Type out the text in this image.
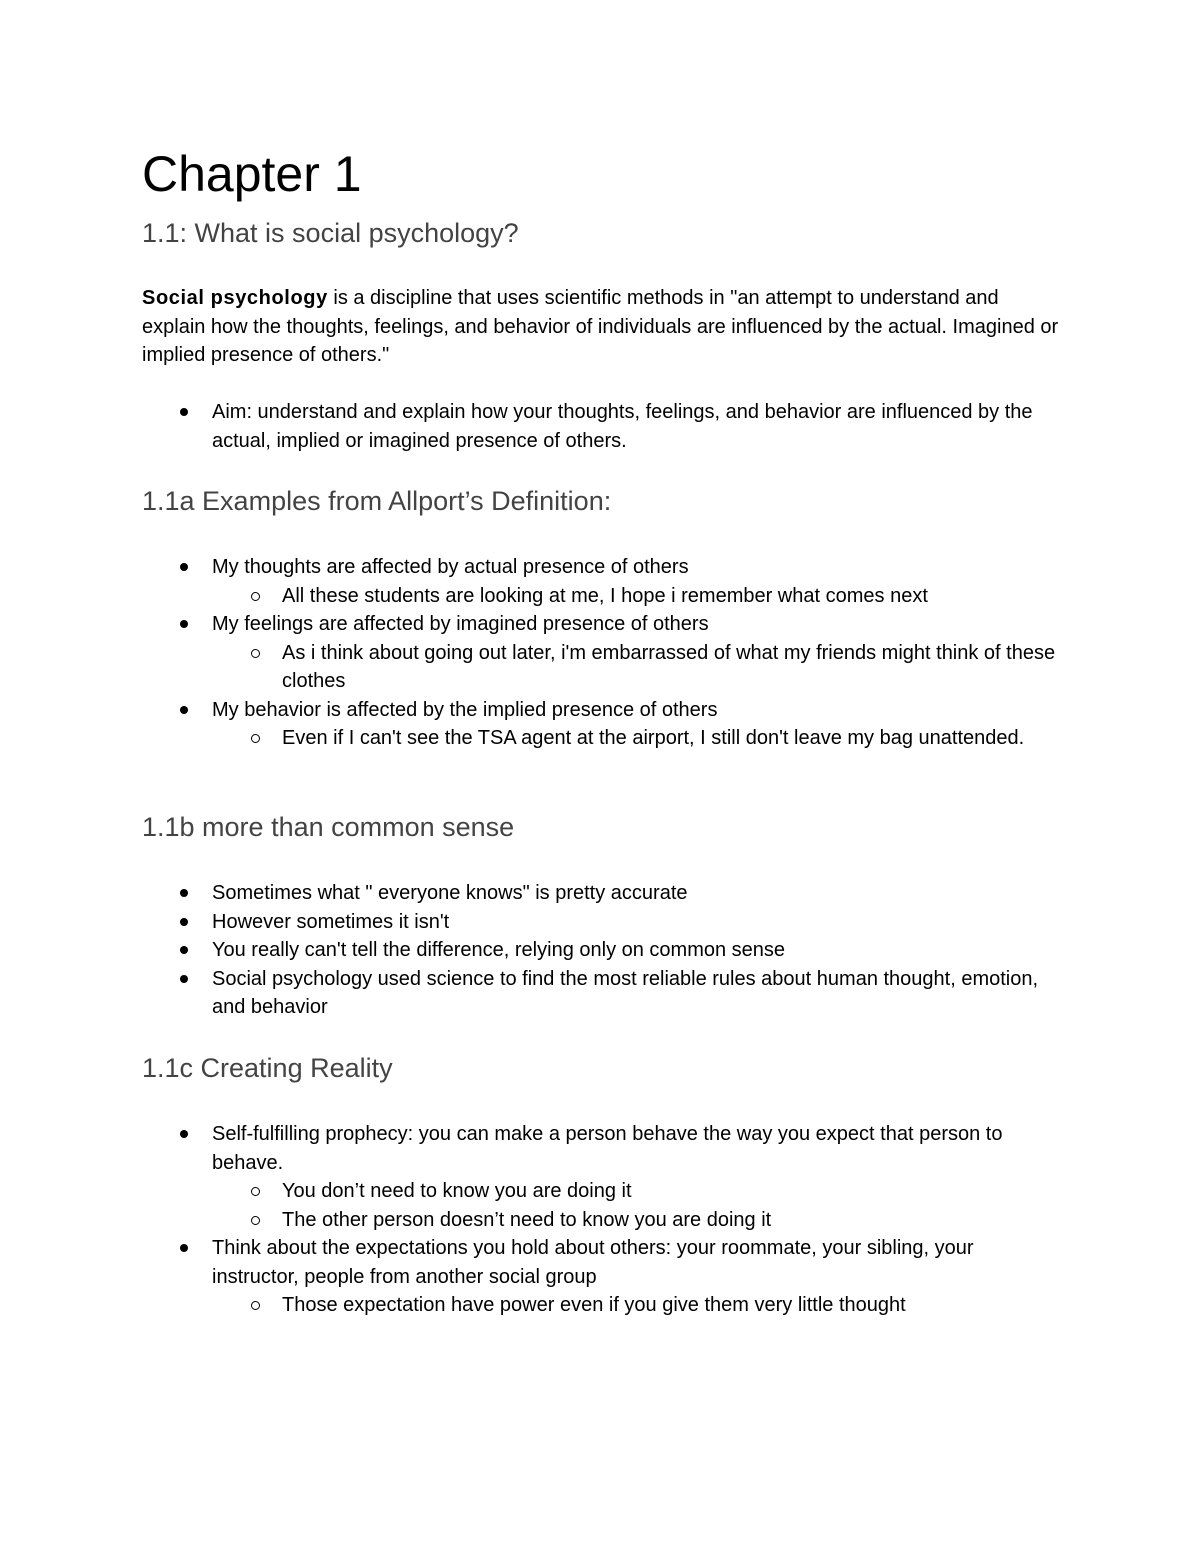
Chapter 1
1.1: What is social psychology?

Social psychology is a discipline that uses scientific methods in "an attempt to understand and explain how the thoughts, feelings, and behavior of individuals are influenced by the actual. Imagined or implied presence of others."

Aim: understand and explain how your thoughts, feelings, and behavior are influenced by the actual, implied or imagined presence of others.
1.1a Examples from Allport’s Definition:
My thoughts are affected by actual presence of others
All these students are looking at me, I hope i remember what comes next
My feelings are affected by imagined presence of others
As i think about going out later, i'm embarrassed of what my friends might think of these clothes
My behavior is affected by the implied presence of others
Even if I can't see the TSA agent at the airport, I still don't leave my bag unattended.
1.1b more than common sense
Sometimes what " everyone knows" is pretty accurate
However sometimes it isn't
You really can't tell the difference, relying only on common sense
Social psychology used science to find the most reliable rules about human thought, emotion, and behavior
1.1c Creating Reality
Self-fulfilling prophecy: you can make a person behave the way you expect that person to behave.
You don’t need to know you are doing it
The other person doesn’t need to know you are doing it
Think about the expectations you hold about others: your roommate, your sibling, your instructor, people from another social group
Those expectation have power even if you give them very little thought
